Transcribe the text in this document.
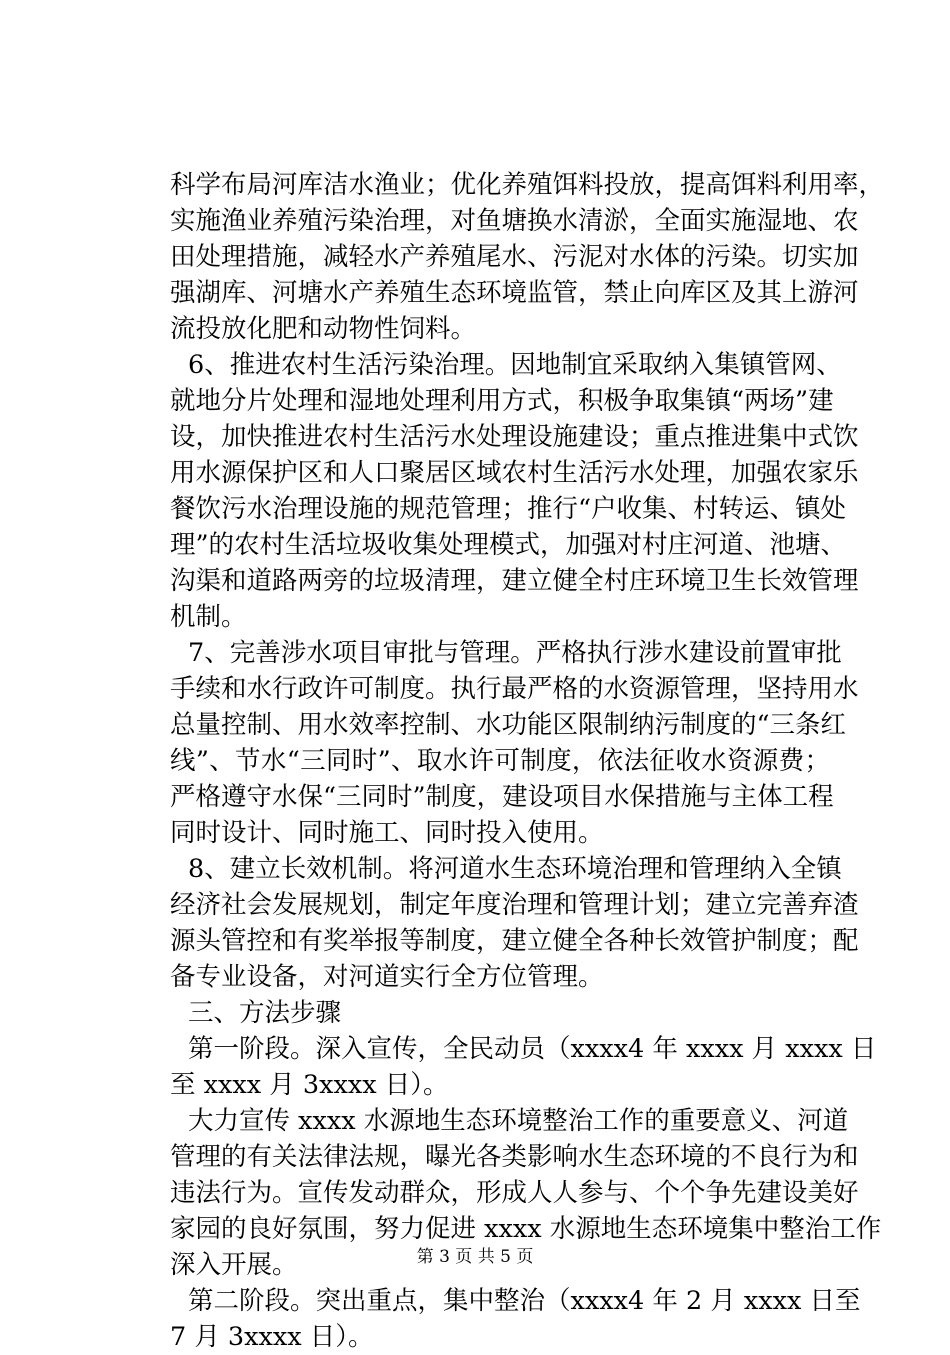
科学布局河库洁水渔业；优化养殖饵料投放，提高饵料利用率，
实施渔业养殖污染治理，对鱼塘换水清淤，全面实施湿地、农
田处理措施，减轻水产养殖尾水、污泥对水体的污染。切实加
强湖库、河塘水产养殖生态环境监管，禁止向库区及其上游河
流投放化肥和动物性饲料。
6、推进农村生活污染治理。因地制宜采取纳入集镇管网、
就地分片处理和湿地处理利用方式，积极争取集镇“两场”建
设，加快推进农村生活污水处理设施建设；重点推进集中式饮
用水源保护区和人口聚居区域农村生活污水处理，加强农家乐
餐饮污水治理设施的规范管理；推行“户收集、村转运、镇处
理”的农村生活垃圾收集处理模式，加强对村庄河道、池塘、
沟渠和道路两旁的垃圾清理，建立健全村庄环境卫生长效管理
机制。
7、完善涉水项目审批与管理。严格执行涉水建设前置审批
手续和水行政许可制度。执行最严格的水资源管理，坚持用水
总量控制、用水效率控制、水功能区限制纳污制度的“三条红
线”、节水“三同时”、取水许可制度，依法征收水资源费；
严格遵守水保“三同时”制度，建设项目水保措施与主体工程
同时设计、同时施工、同时投入使用。
8、建立长效机制。将河道水生态环境治理和管理纳入全镇
经济社会发展规划，制定年度治理和管理计划；建立完善弃渣
源头管控和有奖举报等制度，建立健全各种长效管护制度；配
备专业设备，对河道实行全方位管理。
三、方法步骤
第一阶段。深入宣传，全民动员（xxxx4 年 xxxx 月 xxxx 日
至 xxxx 月 3xxxx 日）。
大力宣传 xxxx 水源地生态环境整治工作的重要意义、河道
管理的有关法律法规，曝光各类影响水生态环境的不良行为和
违法行为。宣传发动群众，形成人人参与、个个争先建设美好
家园的良好氛围，努力促进 xxxx 水源地生态环境集中整治工作
深入开展。
第二阶段。突出重点，集中整治（xxxx4 年 2 月 xxxx 日至
7 月 3xxxx 日）。
第 3 页 共 5 页
